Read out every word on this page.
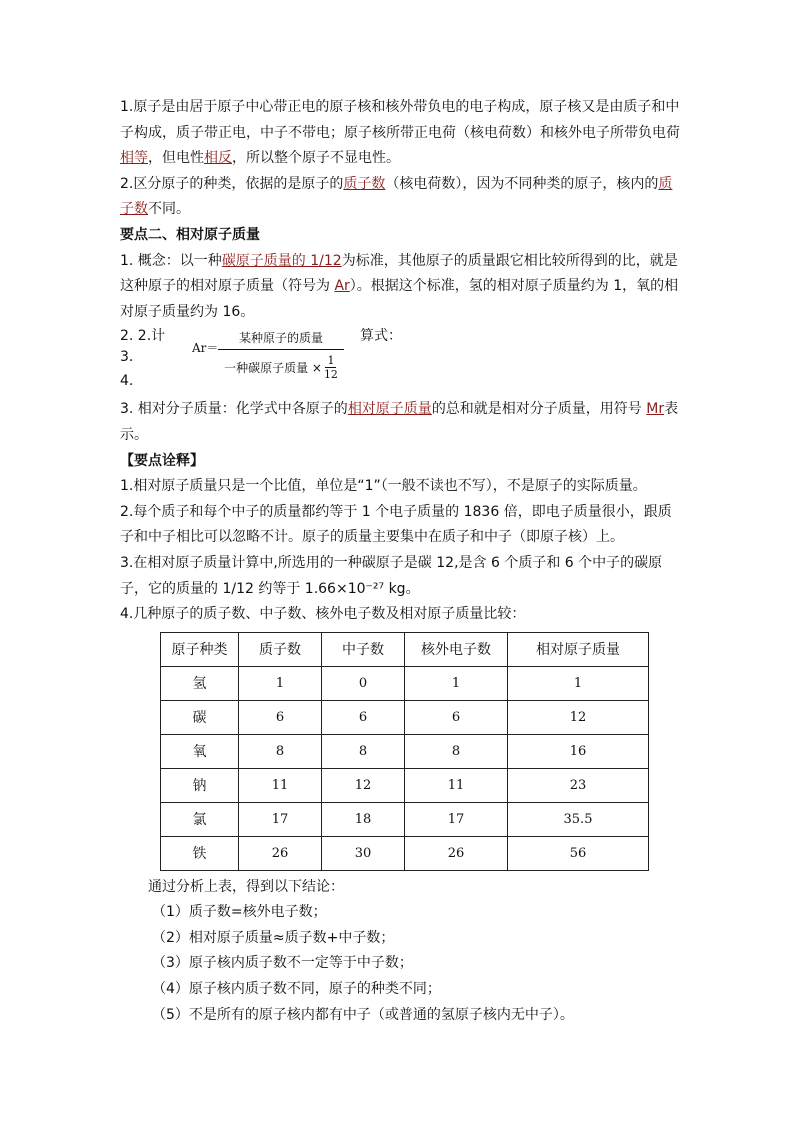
1.原子是由居于原子中心带正电的原子核和核外带负电的电子构成，原子核又是由质子和中子构成，质子带正电，中子不带电；原子核所带正电荷（核电荷数）和核外电子所带负电荷相等，但电性相反，所以整个原子不显电性。

2.区分原子的种类，依据的是原子的质子数（核电荷数），因为不同种类的原子，核内的质子数不同。

要点二、相对原子质量

1. 概念：以一种碳原子质量的 1/12为标准，其他原子的质量跟它相比较所得到的比，就是这种原子的相对原子质量（符号为 Ar）。根据这个标准，氢的相对原子质量约为 1，氧的相对原子质量约为 16。

2. 2.计
3.
4.
Ar＝
某种原子的质量
一种碳原子质量 × $\frac{1}{12}$
算式：

3. 相对分子质量：化学式中各原子的相对原子质量的总和就是相对分子质量，用符号 Mr表示。

【要点诠释】

1.相对原子质量只是一个比值，单位是“1”（一般不读也不写），不是原子的实际质量。

2.每个质子和每个中子的质量都约等于 1 个电子质量的 1836 倍，即电子质量很小，跟质子和中子相比可以忽略不计。原子的质量主要集中在质子和中子（即原子核）上。

3.在相对原子质量计算中,所选用的一种碳原子是碳 12,是含 6 个质子和 6 个中子的碳原子，它的质量的 1/12 约等于 1.66×10⁻²⁷ kg。

4.几种原子的质子数、中子数、核外电子数及相对原子质量比较：

原子种类	质子数	中子数	核外电子数	相对原子质量
氢	1	0	1	1
碳	6	6	6	12
氧	8	8	8	16
钠	11	12	11	23
氯	17	18	17	35.5
铁	26	30	26	56

通过分析上表，得到以下结论：

（1）质子数=核外电子数；

（2）相对原子质量≈质子数+中子数；

（3）原子核内质子数不一定等于中子数；

（4）原子核内质子数不同，原子的种类不同；

（5）不是所有的原子核内都有中子（或普通的氢原子核内无中子）。
